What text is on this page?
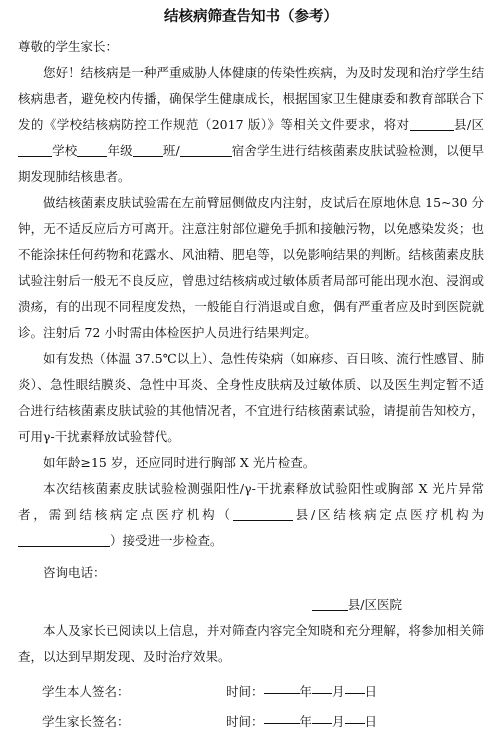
结核病筛查告知书（参考）
尊敬的学生家长：

您好！结核病是一种严重威胁人体健康的传染性疾病，为及时发现和治疗学生结核病患者，避免校内传播，确保学生健康成长，根据国家卫生健康委和教育部联合下发的《学校结核病防控工作规范（2017 版）》等相关文件要求，将对	县/区学校 年级 班/	宿舍学生进行结核菌素皮肤试验检测，以便早期发现肺结核患者。

做结核菌素皮肤试验需在左前臂屈侧做皮内注射，皮试后在原地休息 15~30 分钟，无不适反应后方可离开。注意注射部位避免手抓和接触污物，以免感染发炎；也不能涂抹任何药物和花露水、风油精、肥皂等，以免影响结果的判断。结核菌素皮肤试验注射后一般无不良反应，曾患过结核病或过敏体质者局部可能出现水泡、浸润或溃疡，有的出现不同程度发热，一般能自行消退或自愈，偶有严重者应及时到医院就诊。注射后 72 小时需由体检医护人员进行结果判定。

如有发热（体温 37.5℃以上）、急性传染病（如麻疹、百日咳、流行性感冒、肺炎）、急性眼结膜炎、急性中耳炎、全身性皮肤病及过敏体质、以及医生判定暂不适合进行结核菌素皮肤试验的其他情况者，不宜进行结核菌素试验，请提前告知校方，可用γ-干扰素释放试验替代。

如年龄≥15 岁，还应同时进行胸部 X 光片检查。

本次结核菌素皮肤试验检测强阳性/γ-干扰素释放试验阳性或胸部 X 光片异常者，需到结核病定点医疗机构（	县/区结核病定点医疗机构为）接受进一步检查。

咨询电话：

县/区医院

本人及家长已阅读以上信息，并对筛查内容完全知晓和充分理解，将参加相关筛查，以达到早期发现、及时治疗效果。

学生本人签名：	时间：	年 月 日
学生家长签名：	时间：	年 月 日
